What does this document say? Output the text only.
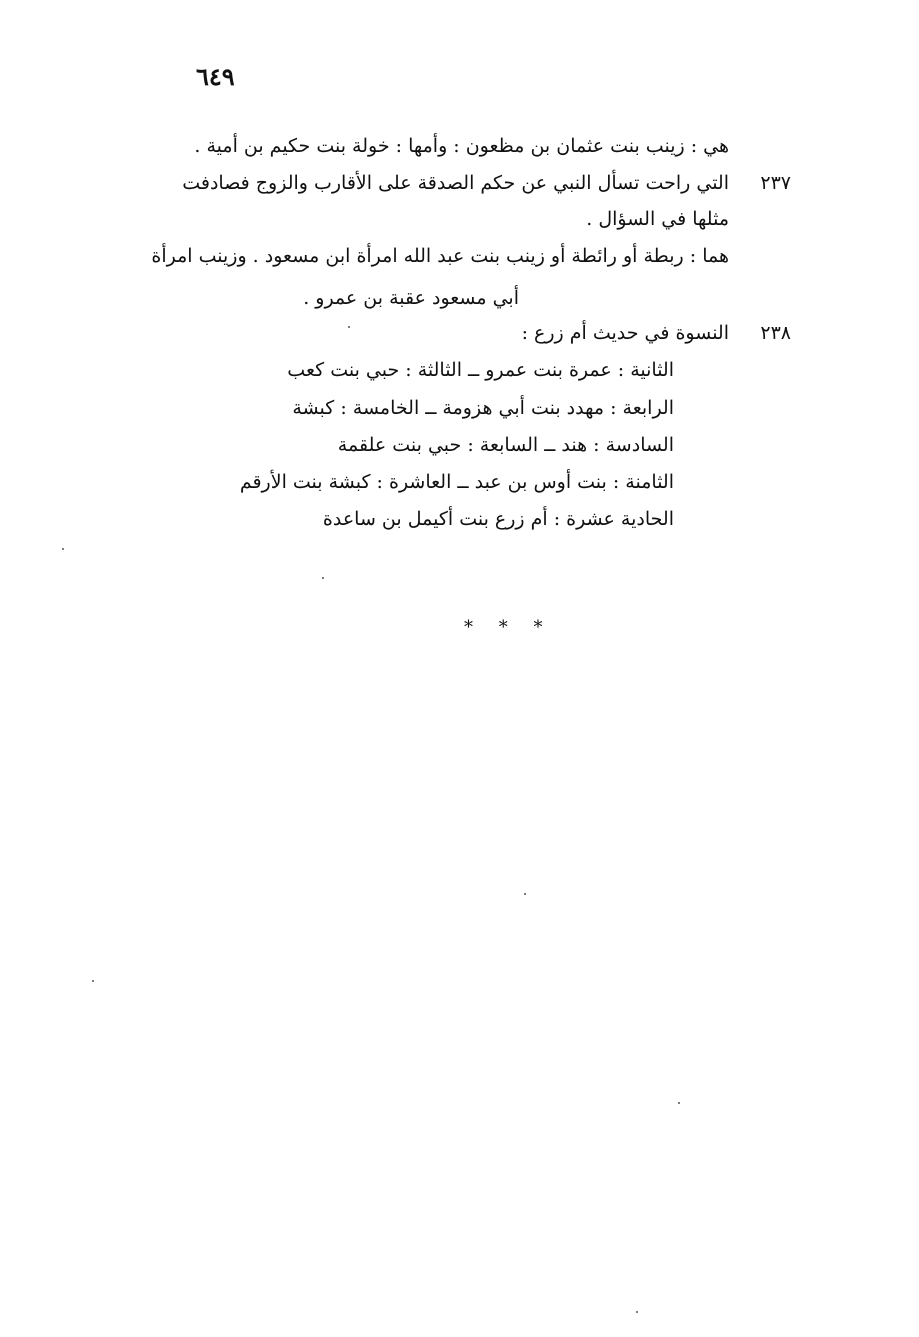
٦٤٩
هي : زينب بنت عثمان بن مظعون : وأمها : خولة بنت حكيم بن أمية .
٢٣٧
التي راحت تسأل النبي عن حكم الصدقة على الأقارب والزوج فصادفت
مثلها في السؤال .
هما : ربطة أو رائطة أو زينب بنت عبد الله امرأة ابن مسعود . وزينب امرأة
أبي مسعود عقبة بن عمرو .
٢٣٨
النسوة في حديث أم زرع :
الثانية : عمرة بنت عمرو ــ الثالثة : حبي بنت كعب
الرابعة : مهدد بنت أبي هزومة ــ الخامسة : كبشة
السادسة : هند ــ السابعة : حبي بنت علقمة
الثامنة : بنت أوس بن عبد ــ العاشرة : كبشة بنت الأرقم
الحادية عشرة : أم زرع بنت أكيمل بن ساعدة
* * *
